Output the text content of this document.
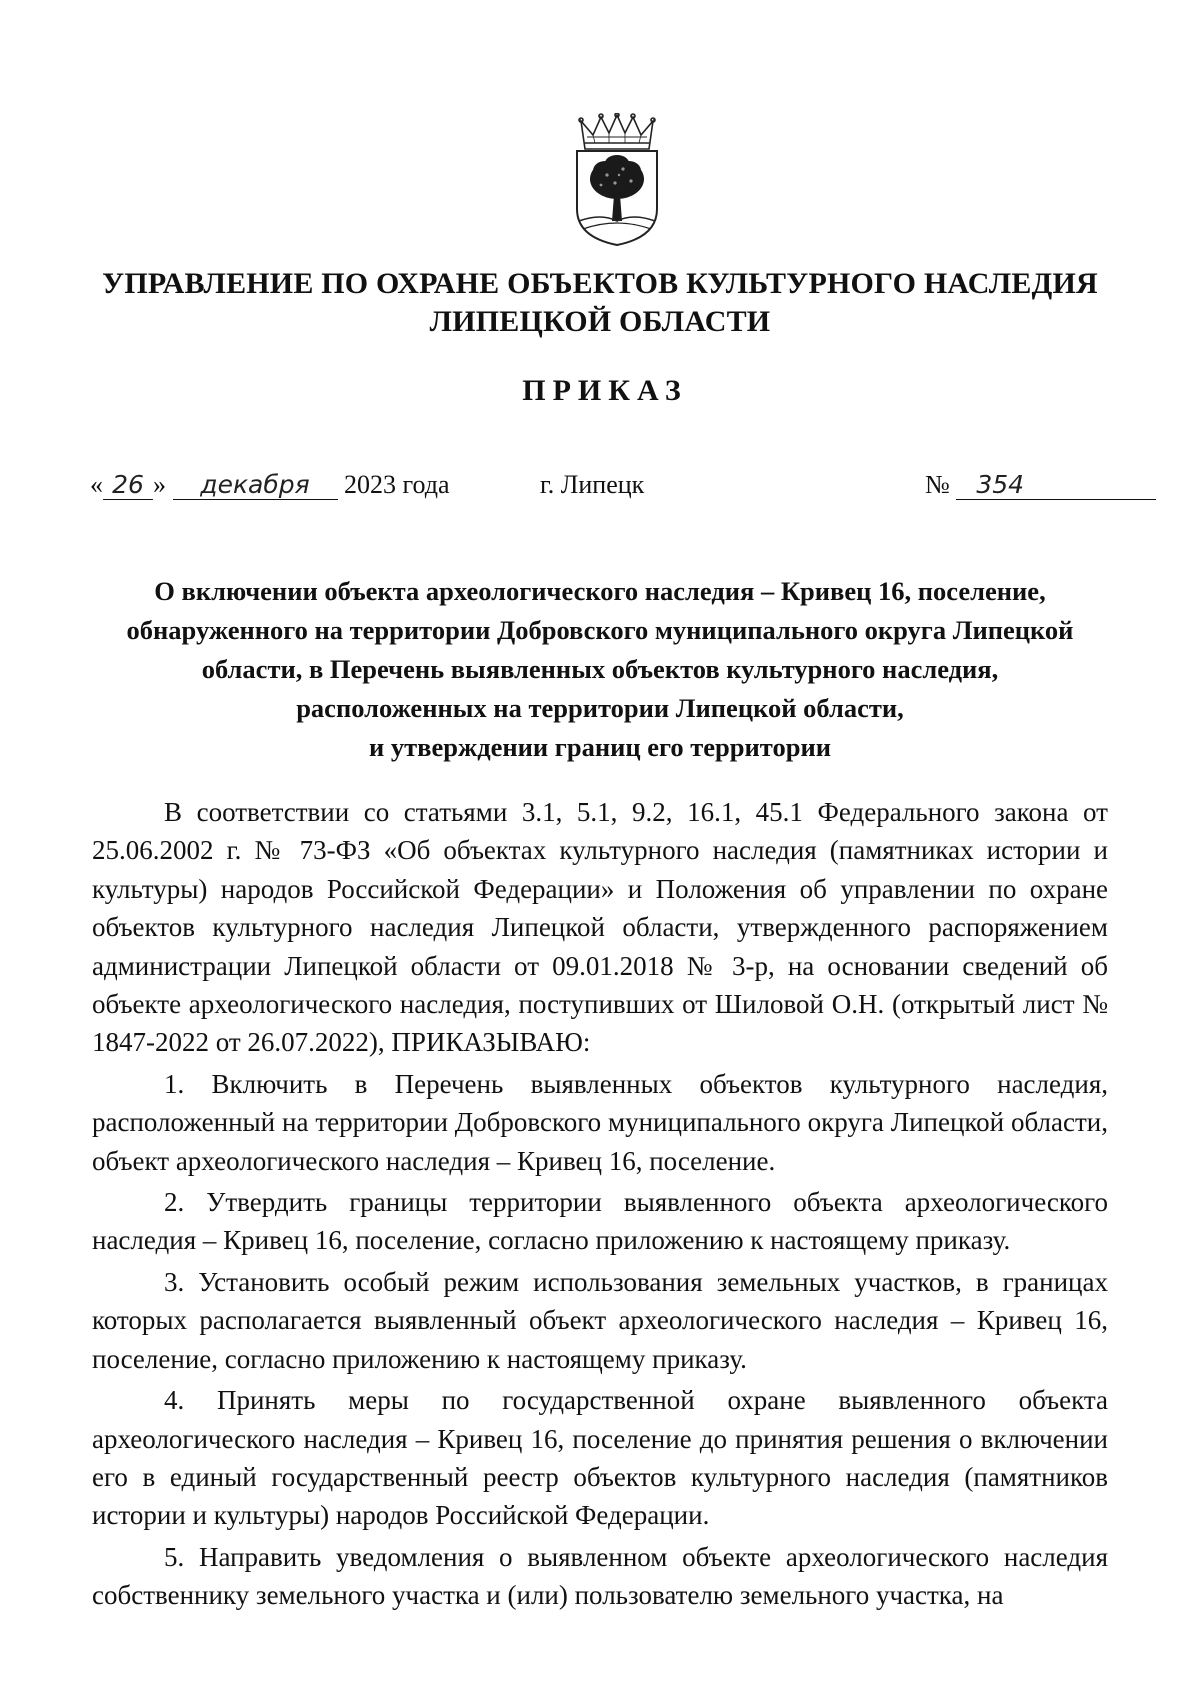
УПРАВЛЕНИЕ ПО ОХРАНЕ ОБЪЕКТОВ КУЛЬТУРНОГО НАСЛЕДИЯ
ЛИПЕЦКОЙ ОБЛАСТИ
ПРИКАЗ
« 26 » декабря 2023 года	г. Липецк	№ 354
О включении объекта археологического наследия – Кривец 16, поселение,
обнаруженного на территории Добровского муниципального округа Липецкой
области, в Перечень выявленных объектов культурного наследия,
расположенных на территории Липецкой области,
и утверждении границ его территории

В соответствии со статьями 3.1, 5.1, 9.2, 16.1, 45.1 Федерального закона от 25.06.2002 г. № 73-ФЗ «Об объектах культурного наследия (памятниках истории и культуры) народов Российской Федерации» и Положения об управлении по охране объектов культурного наследия Липецкой области, утвержденного распоряжением администрации Липецкой области от 09.01.2018 № 3-р, на основании сведений об объекте археологического наследия, поступивших от Шиловой О.Н. (открытый лист № 1847-2022 от 26.07.2022), ПРИКАЗЫВАЮ:

1. Включить в Перечень выявленных объектов культурного наследия, расположенный на территории Добровского муниципального округа Липецкой области, объект археологического наследия – Кривец 16, поселение.

2. Утвердить границы территории выявленного объекта археологического наследия – Кривец 16, поселение, согласно приложению к настоящему приказу.

3. Установить особый режим использования земельных участков, в границах которых располагается выявленный объект археологического наследия – Кривец 16, поселение, согласно приложению к настоящему приказу.

4. Принять меры по государственной охране выявленного объекта археологического наследия – Кривец 16, поселение до принятия решения о включении его в единый государственный реестр объектов культурного наследия (памятников истории и культуры) народов Российской Федерации.

5. Направить уведомления о выявленном объекте археологического наследия собственнику земельного участка и (или) пользователю земельного участка, на
